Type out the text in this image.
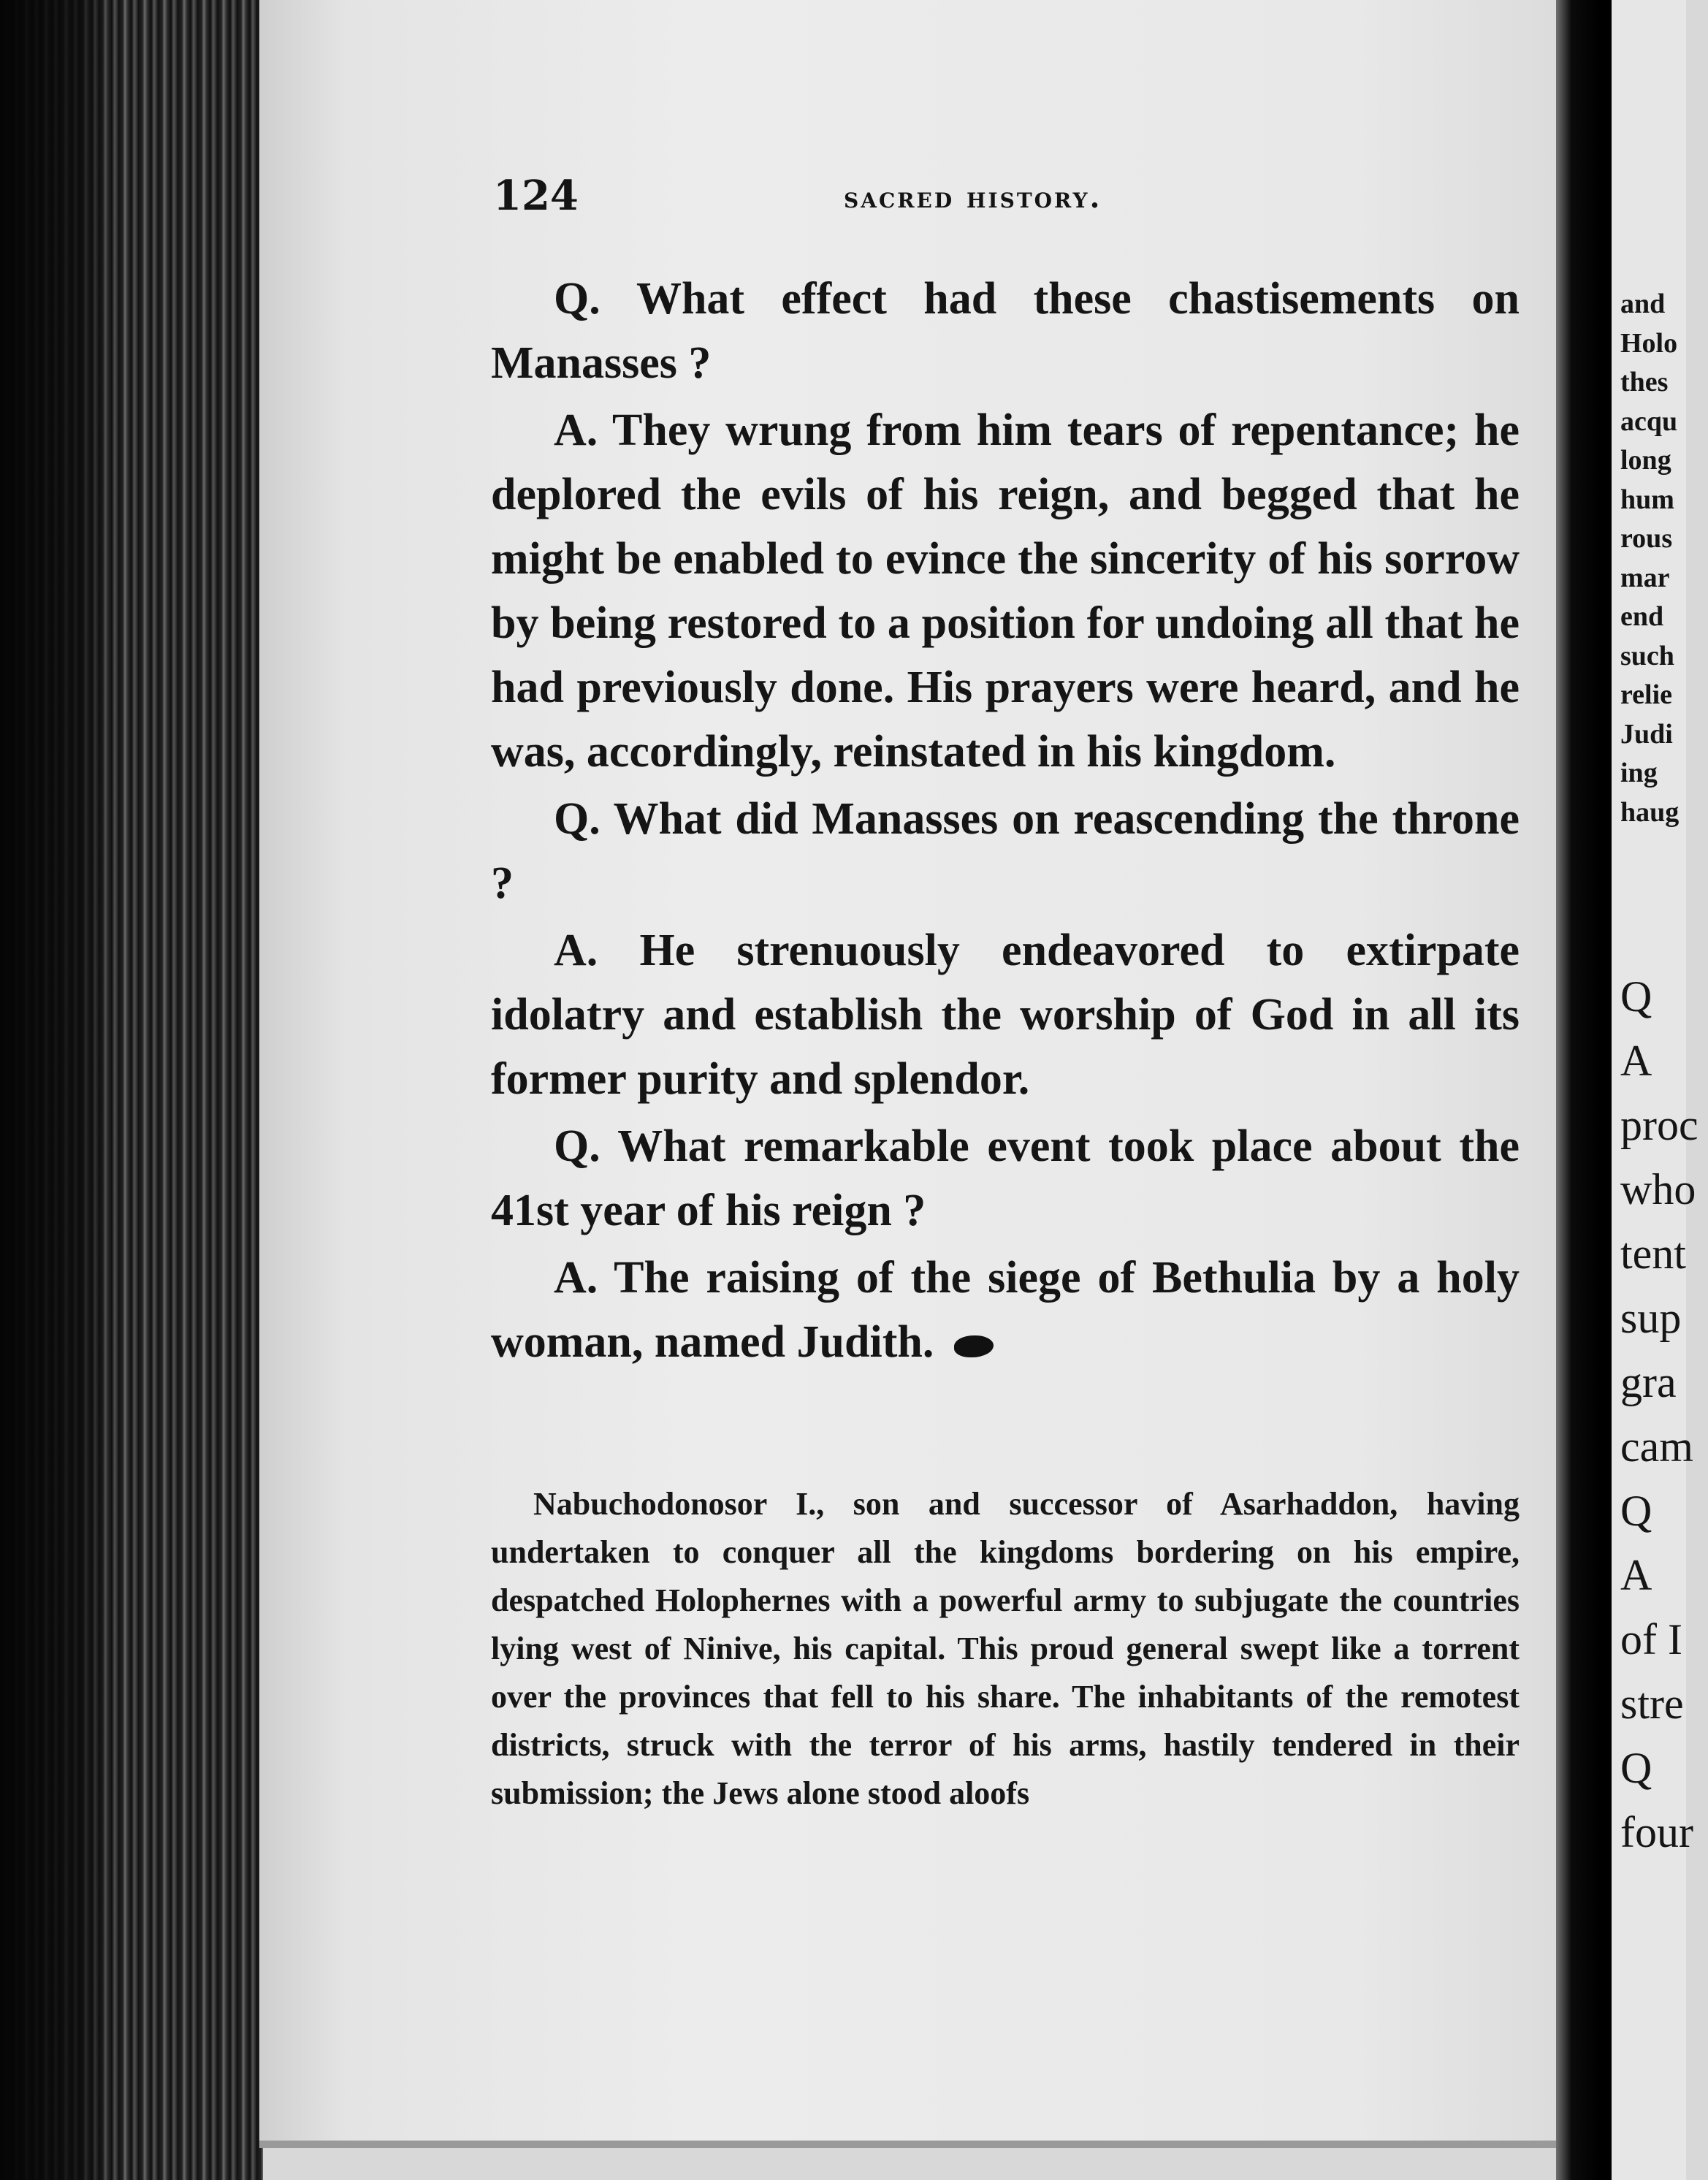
124	sacred history.

Q. What effect had these chastisements on Manasses ?

A. They wrung from him tears of repentance; he deplored the evils of his reign, and begged that he might be enabled to evince the sincerity of his sorrow by being restored to a position for undoing all that he had previously done. His prayers were heard, and he was, accordingly, reinstated in his kingdom.

Q. What did Manasses on reascending the throne ?

A. He strenuously endeavored to extirpate idolatry and establish the worship of God in all its former purity and splendor.

Q. What remarkable event took place about the 41st year of his reign ?

A. The raising of the siege of Bethulia by a holy woman, named Judith.

Nabuchodonosor I., son and successor of Asarhaddon, having undertaken to conquer all the kingdoms bordering on his empire, despatched Holophernes with a powerful army to subjugate the countries lying west of Ninive, his capital. This proud general swept like a torrent over the provinces that fell to his share. The inhabitants of the remotest districts, struck with the terror of his arms, hastily tendered in their submission; the Jews alone stood aloofs

and
Holo
thes
acqu
long
hum
rous
mar
end
such
relie
Judi
ing
haug
Q
A
proc
who
tent
sup
gra
cam
Q
A
of I
stre
Q
four
